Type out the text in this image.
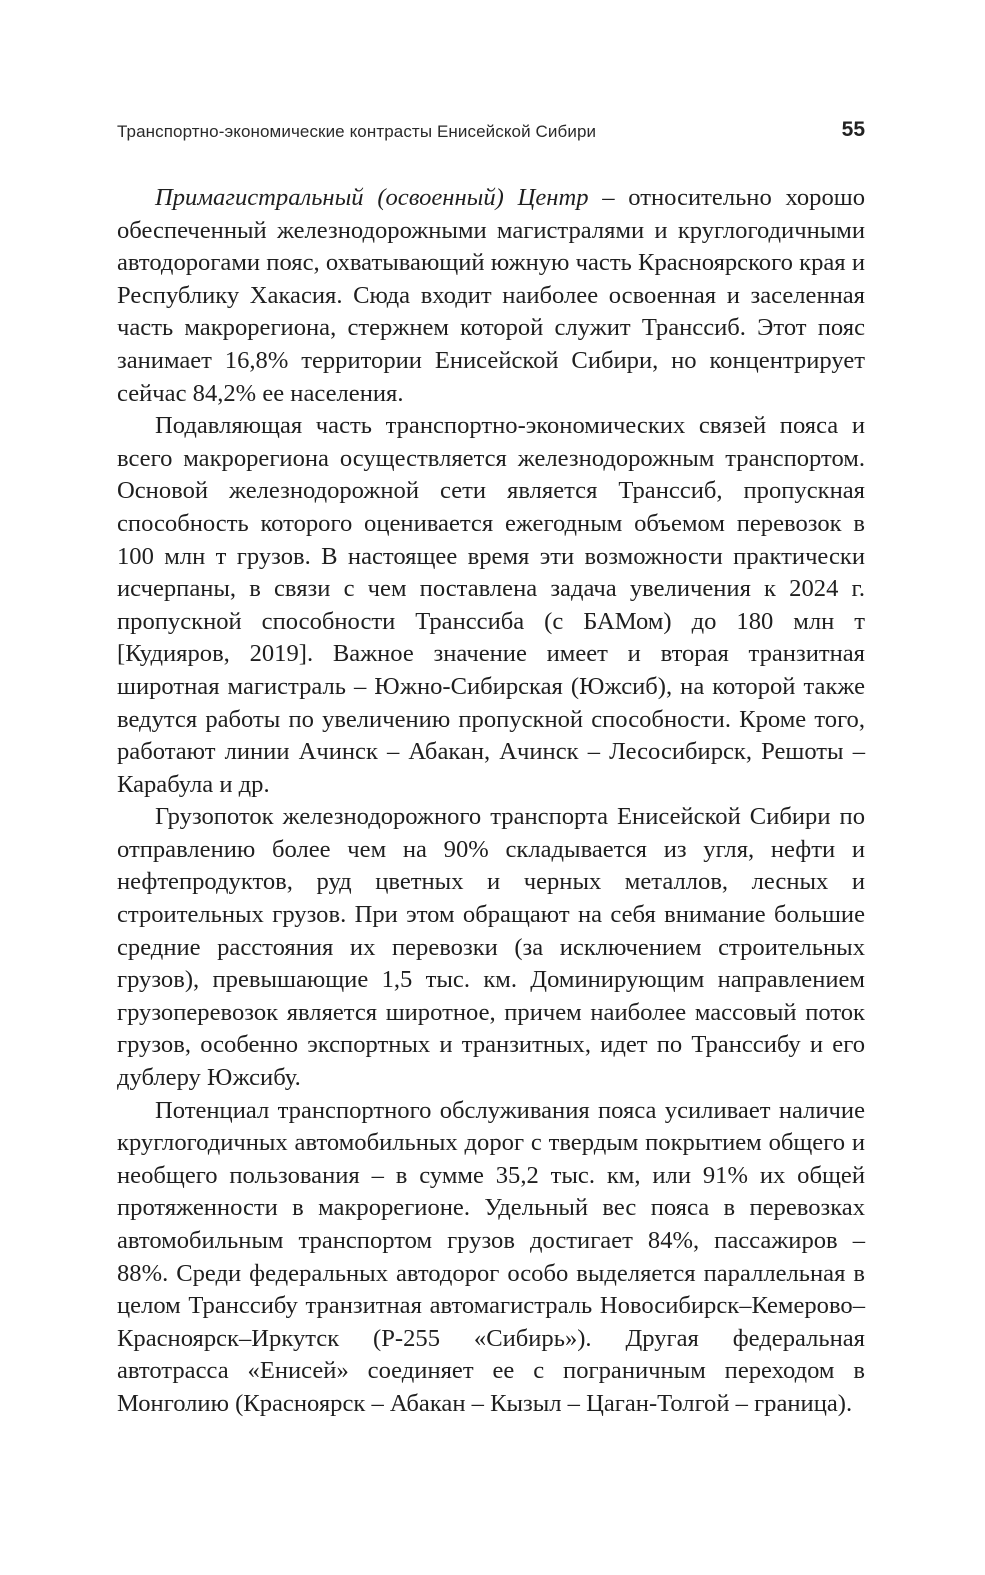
Транспортно-экономические контрасты Енисейской Сибири	55

Примагистральный (освоенный) Центр – относительно хорошо обеспеченный железнодорожными магистралями и круглогодичными автодорогами пояс, охватывающий южную часть Красноярского края и Республику Хакасия. Сюда входит наиболее освоенная и заселенная часть макрорегиона, стержнем которой служит Транссиб. Этот пояс занимает 16,8% территории Енисейской Сибири, но концентрирует сейчас 84,2% ее населения.

Подавляющая часть транспортно-экономических связей пояса и всего макрорегиона осуществляется железнодорожным транспортом. Основой железнодорожной сети является Транссиб, пропускная способность которого оценивается ежегодным объемом перевозок в 100 млн т грузов. В настоящее время эти возможности практически исчерпаны, в связи с чем поставлена задача увеличения к 2024 г. пропускной способности Транссиба (с БАМом) до 180 млн т [Кудияров, 2019]. Важное значение имеет и вторая транзитная широтная магистраль – Южно-Сибирская (Южсиб), на которой также ведутся работы по увеличению пропускной способности. Кроме того, работают линии Ачинск – Абакан, Ачинск – Лесосибирск, Решоты – Карабула и др.

Грузопоток железнодорожного транспорта Енисейской Сибири по отправлению более чем на 90% складывается из угля, нефти и нефтепродуктов, руд цветных и черных металлов, лесных и строительных грузов. При этом обращают на себя внимание большие средние расстояния их перевозки (за исключением строительных грузов), превышающие 1,5 тыс. км. Доминирующим направлением грузоперевозок является широтное, причем наиболее массовый поток грузов, особенно экспортных и транзитных, идет по Транссибу и его дублеру Южсибу.

Потенциал транспортного обслуживания пояса усиливает наличие круглогодичных автомобильных дорог с твердым покрытием общего и необщего пользования – в сумме 35,2 тыс. км, или 91% их общей протяженности в макрорегионе. Удельный вес пояса в перевозках автомобильным транспортом грузов достигает 84%, пассажиров – 88%. Среди федеральных автодорог особо выделяется параллельная в целом Транссибу транзитная автомагистраль Новосибирск–Кемерово–Красноярск–Иркутск (Р-255 «Сибирь»). Другая федеральная автотрасса «Енисей» соединяет ее с пограничным переходом в Монголию (Красноярск – Абакан – Кызыл – Цаган-Толгой – граница).
